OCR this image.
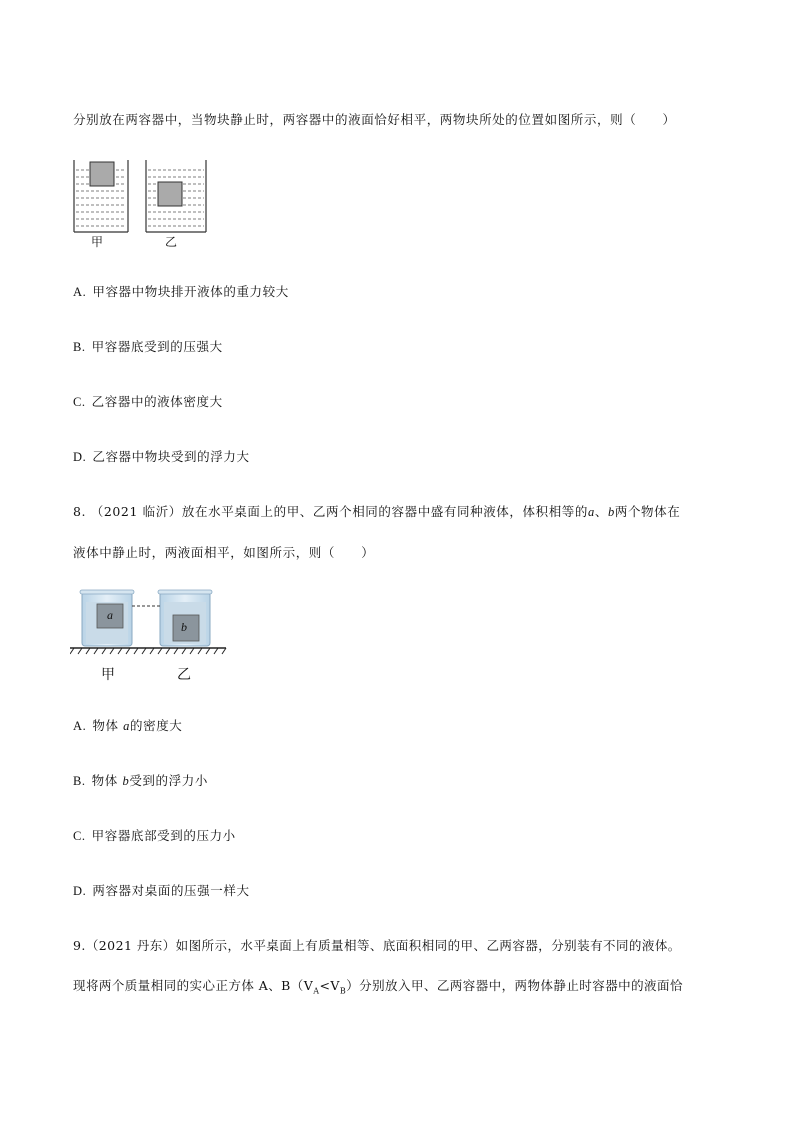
分别放在两容器中，当物块静止时，两容器中的液面恰好相平，两物块所处的位置如图所示，则（　　）
甲	乙
A. 甲容器中物块排开液体的重力较大
B. 甲容器底受到的压强大
C. 乙容器中的液体密度大
D. 乙容器中物块受到的浮力大
8. （2021 临沂）放在水平桌面上的甲、乙两个相同的容器中盛有同种液体，体积相等的a、b两个物体在
液体中静止时，两液面相平，如图所示，则（　　）
a
b
甲	乙
A. 物体 a的密度大
B. 物体 b受到的浮力小
C. 甲容器底部受到的压力小
D. 两容器对桌面的压强一样大
9.（2021 丹东）如图所示，水平桌面上有质量相等、底面积相同的甲、乙两容器，分别装有不同的液体。
现将两个质量相同的实心正方体 A、$B(V_A<V_B)$分别放入甲、乙两容器中，两物体静止时容器中的液面恰
